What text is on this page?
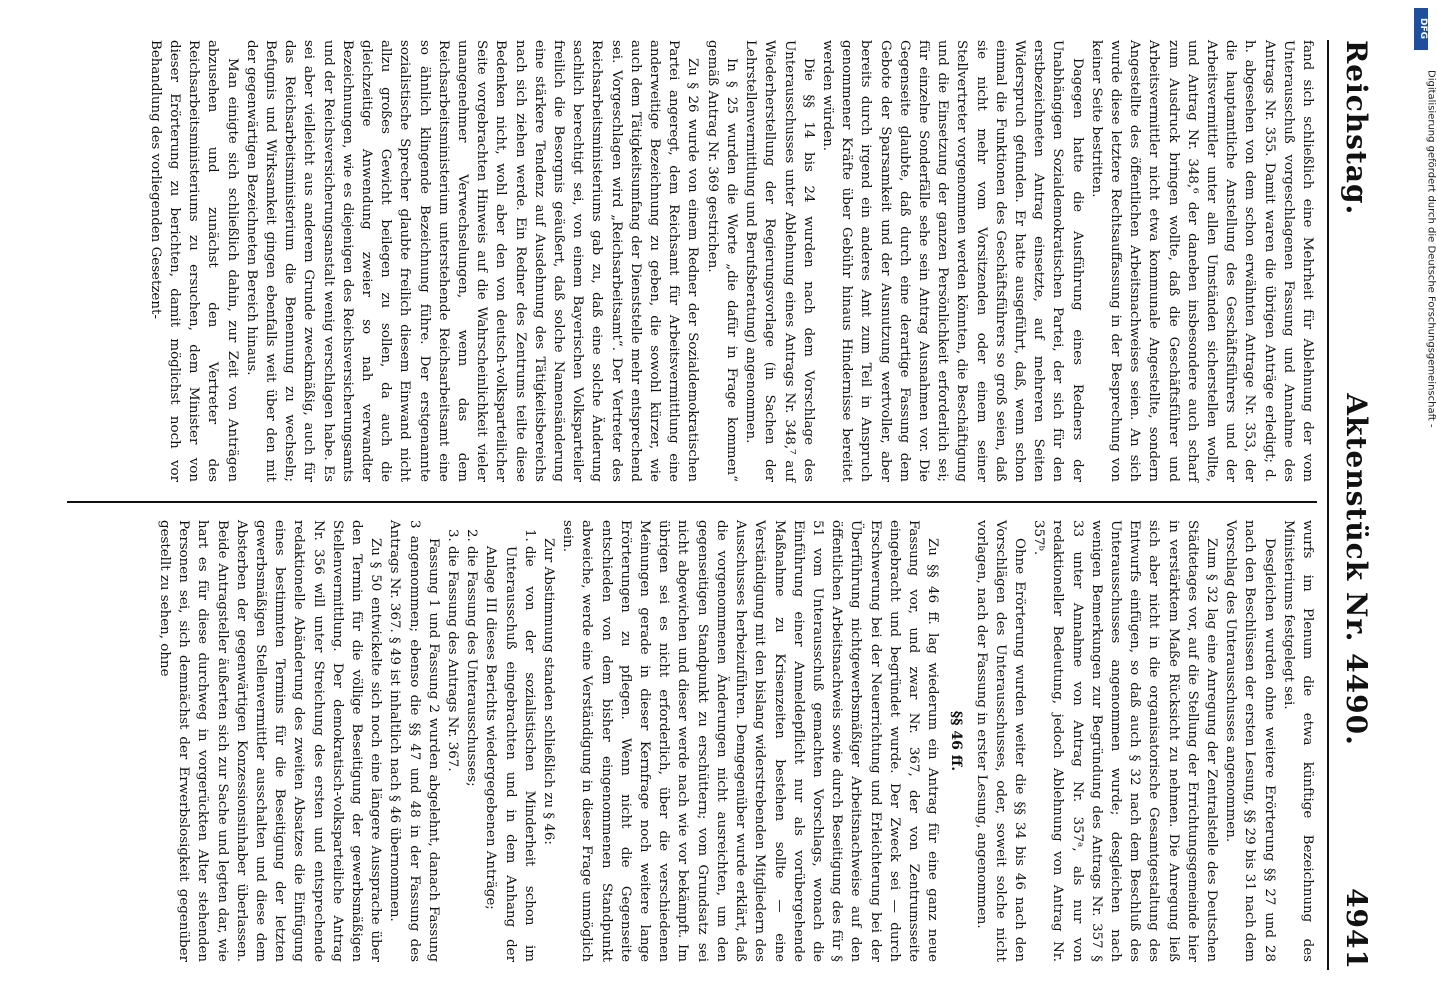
Reichstag.
Aktenstück Nr. 4490.
4941

fand sich schließlich eine Mehrheit für Ablehnung der vom Unterausschuß vorgeschlagenen Fassung und Annahme des Antrags Nr. 355. Damit waren die übrigen Anträge erledigt; d. h. abgesehen von dem schon erwähnten Antrage Nr. 353, der die hauptamtliche Anstellung des Geschäftsführers und der Arbeitsvermittler unter allen Umständen sicherstellen wollte, und Antrag Nr. 348,⁶ der daneben insbesondere auch scharf zum Ausdruck bringen wollte, daß die Geschäftsführer und Arbeitsvermittler nicht etwa kommunale Angestellte, sondern Angestellte des öffentlichen Arbeitsnachweises seien. An sich wurde diese letztere Rechtsauffassung in der Besprechung von keiner Seite bestritten.

Dagegen hatte die Ausführung eines Redners der Unabhängigen Sozialdemokratischen Partei, der sich für den erstbezeichneten Antrag einsetzte, auf mehreren Seiten Widerspruch gefunden. Er hatte ausgeführt, daß, wenn schon einmal die Funktionen des Geschäftsführers so groß seien, daß sie nicht mehr vom Vorsitzenden oder einem seiner Stellvertreter vorgenommen werden könnten, die Beschäftigung und die Einsetzung der ganzen Persönlichkeit erforderlich sei; für einzelne Sonderfälle sehe sein Antrag Ausnahmen vor. Die Gegenseite glaubte, daß durch eine derartige Fassung dem Gebote der Sparsamkeit und der Ausnutzung wertvoller, aber bereits durch irgend ein anderes Amt zum Teil in Anspruch genommener Kräfte über Gebühr hinaus Hindernisse bereitet werden würden.

Die §§ 14 bis 24 wurden nach dem Vorschlage des Unterausschusses unter Ablehnung eines Antrags Nr. 348,⁷ auf Wiederherstellung der Regierungsvorlage (in Sachen der Lehrstellenvermittlung und Berufsberatung) angenommen.

In § 25 wurden die Worte „die dafür in Frage kommen“ gemäß Antrag Nr. 369 gestrichen.

Zu § 26 wurde von einem Redner der Sozialdemokratischen Partei angeregt, dem Reichsamt für Arbeitsvermittlung eine anderweitige Bezeichnung zu geben, die sowohl kürzer, wie auch dem Tätigkeitsumfang der Dienststelle mehr entsprechend sei. Vorgeschlagen wird „Reichsarbeitsamt“. Der Vertreter des Reichsarbeitsministeriums gab zu, daß eine solche Änderung sachlich berechtigt sei, von einem Bayerischen Volksparteiler freilich die Besorgnis geäußert, daß solche Namensänderung eine stärkere Tendenz auf Ausdehnung des Tätigkeitsbereichs nach sich ziehen werde. Ein Redner des Zentrums teilte diese Bedenken nicht, wohl aber den von deutsch-volksparteilicher Seite vorgebrachten Hinweis auf die Wahrscheinlichkeit vieler unangenehmer Verwechselungen, wenn das dem Reichsarbeitsministerium unterstehende Reichsarbeitsamt eine so ähnlich klingende Bezeichnung führe. Der erstgenannte sozialistische Sprecher glaubte freilich diesem Einwand nicht allzu großes Gewicht beilegen zu sollen, da auch die gleichzeitige Anwendung zweier so nah verwandter Bezeichnungen, wie es diejenigen des Reichsversicherungsamts und der Reichsversicherungsanstalt wenig verschlagen habe. Es sei aber vielleicht aus anderem Grunde zweckmäßig, auch für das Reichsarbeitsministerium die Benennung zu wechseln; Befugnis und Wirksamkeit gingen ebenfalls weit über den mit der gegenwärtigen Bezeichneten Bereich hinaus.

Man einigte sich schließlich dahin, zur Zeit von Anträgen abzusehen und zunächst den Vertreter des Reichsarbeitsministeriums zu ersuchen, dem Minister von dieser Erörterung zu berichten, damit möglichst noch vor Behandlung des vorliegenden Gesetzent-

wurfs im Plenum die etwa künftige Bezeichnung des Ministeriums festgelegt sei.

Desgleichen wurden ohne weitere Erörterung §§ 27 und 28 nach den Beschlüssen der ersten Lesung, §§ 29 bis 31 nach dem Vorschlag des Unterausschusses angenommen.

Zum § 32 lag eine Anregung der Zentralstelle des Deutschen Städtetages vor, auf die Stellung der Errichtungsgemeinde hier in verstärktem Maße Rücksicht zu nehmen. Die Anregung ließ sich aber nicht in die organisatorische Gesamtgestaltung des Entwurfs einfügen, so daß auch § 32 nach dem Beschluß des Unterausschusses angenommen wurde; desgleichen nach wenigen Bemerkungen zur Begründung des Antrags Nr. 357 § 33 unter Annahme von Antrag Nr. 357ᵃ, als nur von redaktioneller Bedeutung, jedoch Ablehnung von Antrag Nr. 357ᵇ.

Ohne Erörterung wurden weiter die §§ 34 bis 46 nach den Vorschlägen des Unterausschusses, oder, soweit solche nicht vorlagen, nach der Fassung in erster Lesung, angenommen.

§§ 46 ff.

Zu §§ 46 ff. lag wiederum ein Antrag für eine ganz neue Fassung vor, und zwar Nr. 367, der von Zentrumsseite eingebracht und begründet wurde. Der Zweck sei — durch Erschwerung bei der Neuerrichtung und Erleichterung bei der Überführung nichtgewerbsmäßiger Arbeitsnachweise auf den öffentlichen Arbeitsnachweis sowie durch Beseitigung des für § 51 vom Unterausschuß gemachten Vorschlags, wonach die Einführung einer Anmeldepflicht nur als vorübergehende Maßnahme zu Krisenzeiten bestehen sollte — eine Verständigung mit den bislang widerstrebenden Mitgliedern des Ausschusses herbeizuführen. Demgegenüber wurde erklärt, daß die vorgenommenen Änderungen nicht ausreichten, um den gegenseitigen Standpunkt zu erschüttern; vom Grundsatz sei nicht abgewichen und dieser werde nach wie vor bekämpft. Im übrigen sei es nicht erforderlich, über die verschiedenen Meinungen gerade in dieser Kernfrage noch weitere lange Erörterungen zu pflegen. Wenn nicht die Gegenseite entschieden von dem bisher eingenommenen Standpunkt abweiche, werde eine Verständigung in dieser Frage unmöglich sein.

Zur Abstimmung standen schließlich zu § 46:

1. die von der sozialistischen Minderheit schon im Unterausschuß eingebrachten und in dem Anhang der Anlage III dieses Berichts wiedergegebenen Anträge;
2. die Fassung des Unterausschusses;
3. die Fassung des Antrags Nr. 367.

Fassung 1 und Fassung 2 wurden abgelehnt, danach Fassung 3 angenommen; ebenso die §§ 47 und 48 in der Fassung des Antrags Nr. 367. § 49 ist inhaltlich nach § 46 übernommen.

Zu § 50 entwickelte sich noch eine längere Aussprache über den Termin für die völlige Beseitigung der gewerbsmäßigen Stellenvermittlung. Der demokratisch-volksparteiliche Antrag Nr. 356 will unter Streichung des ersten und entsprechende redaktionelle Abänderung des zweiten Absatzes die Einfügung eines bestimmten Termins für die Beseitigung der letzten gewerbsmäßigen Stellenvermittler ausschalten und diese dem Absterben der gegenwärtigen Konzessionsinhaber überlassen. Beide Antragsteller äußerten sich zur Sache und legten dar, wie hart es für diese durchweg in vorgerückten Alter stehenden Personen sei, sich demnächst der Erwerbslosigkeit gegenüber gestellt zu sehen, ohne

DFG
Digitalisierung gefördert durch die Deutsche Forschungsgemeinschaft -
